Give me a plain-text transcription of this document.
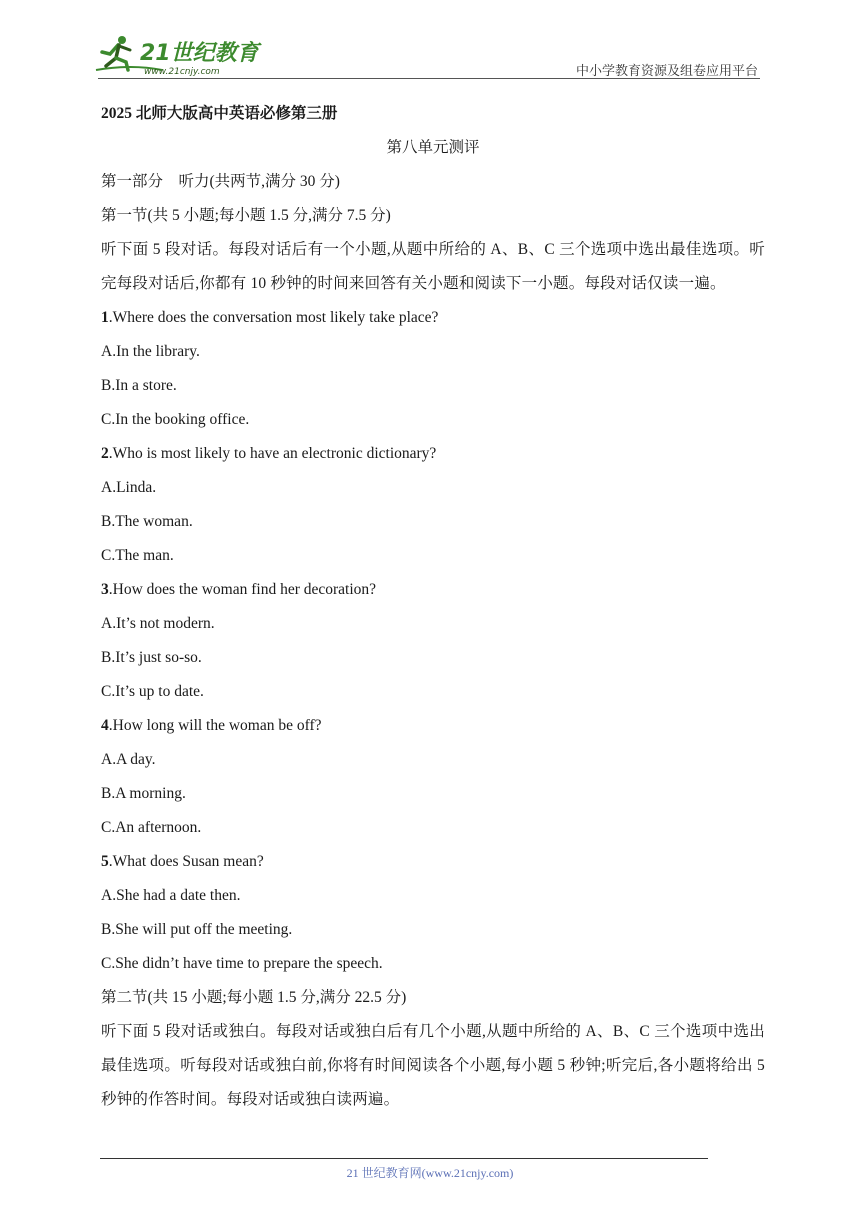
21世纪教育
www.21cnjy.com	中小学教育资源及组卷应用平台
2025 北师大版高中英语必修第三册
第八单元测评
第一部分　听力(共两节,满分 30 分)
第一节(共 5 小题;每小题 1.5 分,满分 7.5 分)
听下面 5 段对话。每段对话后有一个小题,从题中所给的 A、B、C 三个选项中选出最佳选项。听完每段对话后,你都有 10 秒钟的时间来回答有关小题和阅读下一小题。每段对话仅读一遍。
1.Where does the conversation most likely take place?
A.In the library.
B.In a store.
C.In the booking office.
2.Who is most likely to have an electronic dictionary?
A.Linda.
B.The woman.
C.The man.
3.How does the woman find her decoration?
A.It’s not modern.
B.It’s just so-so.
C.It’s up to date.
4.How long will the woman be off?
A.A day.
B.A morning.
C.An afternoon.
5.What does Susan mean?
A.She had a date then.
B.She will put off the meeting.
C.She didn’t have time to prepare the speech.
第二节(共 15 小题;每小题 1.5 分,满分 22.5 分)
听下面 5 段对话或独白。每段对话或独白后有几个小题,从题中所给的 A、B、C 三个选项中选出最佳选项。听每段对话或独白前,你将有时间阅读各个小题,每小题 5 秒钟;听完后,各小题将给出 5 秒钟的作答时间。每段对话或独白读两遍。
21 世纪教育网(www.21cnjy.com)
